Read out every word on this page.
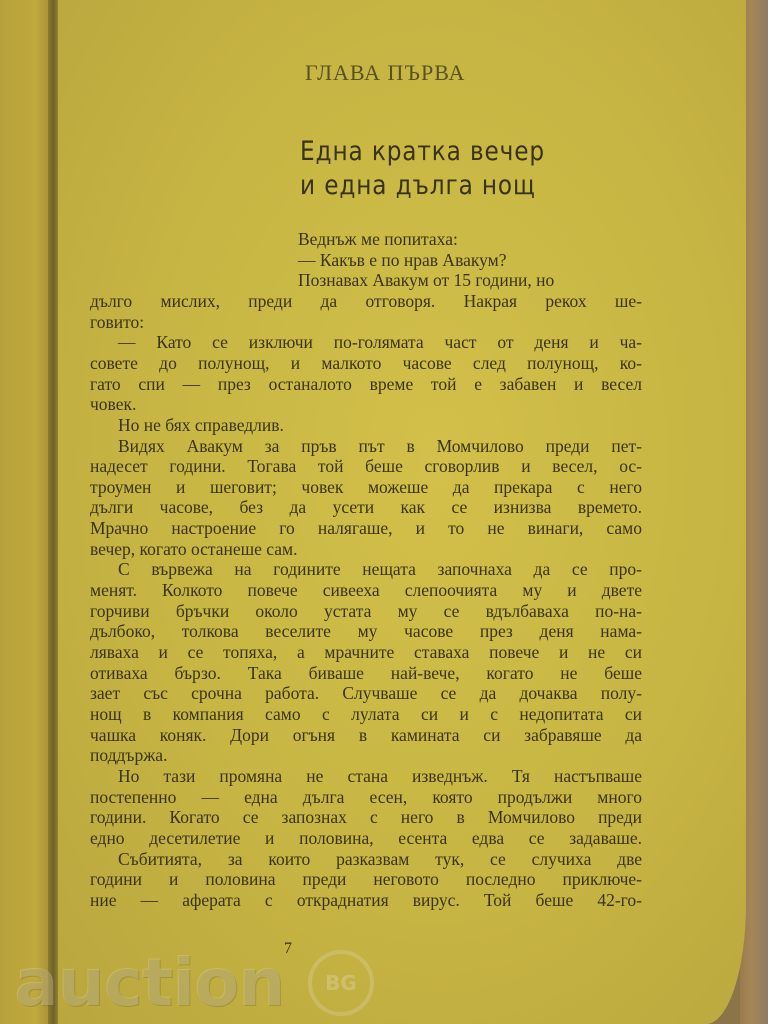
ГЛАВА ПЪРВА
Една кратка вечер
и една дълга нощ
Веднъж ме попитаха:
— Какъв е по нрав Авакум?
Познавах Авакум от 15 години, но
дълго мислих, преди да отговоря. Накрая рекох ше-
говито:
— Като се изключи по-голямата част от деня и ча-
совете до полунощ, и малкото часове след полунощ, ко-
гато спи — през останалото време той е забавен и весел
човек.
Но не бях справедлив.
Видях Авакум за пръв път в Момчилово преди пет-
надесет години. Тогава той беше сговорлив и весел, ос-
троумен и шеговит; човек можеше да прекара с него
дълги часове, без да усети как се изнизва времето.
Мрачно настроение го налягаше, и то не винаги, само
вечер, когато останеше сам.
С вървежа на годините нещата започнаха да се про-
менят. Колкото повече сивееха слепоочията му и двете
горчиви бръчки около устата му се вдълбаваха по-на-
дълбоко, толкова веселите му часове през деня нама-
ляваха и се топяха, а мрачните ставаха повече и не си
отиваха бързо. Така биваше най-вече, когато не беше
зает със срочна работа. Случваше се да дочаква полу-
нощ в компания само с лулата си и с недопитата си
чашка коняк. Дори огъня в камината си забравяше да
поддържа.
Но тази промяна не стана изведнъж. Тя настъпваше
постепенно — една дълга есен, която продължи много
години. Когато се запознах с него в Момчилово преди
едно десетилетие и половина, есента едва се задаваше.
Събитията, за които разказвам тук, се случиха две
години и половина преди неговото последно приключе-
ние — аферата с откраднатия вирус. Той беше 42-го-
7
auction	BG
